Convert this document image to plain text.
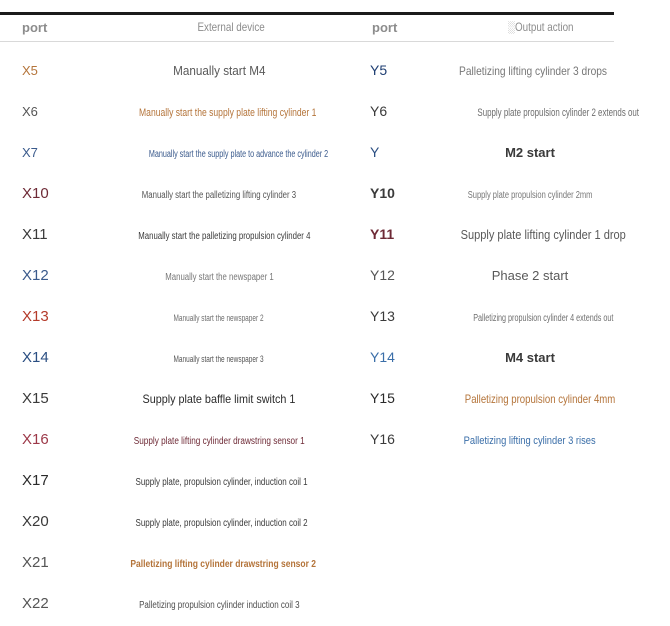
port	External device	port	░Output action
X5	Manually start M4	Y5	Palletizing lifting cylinder 3 drops
X6	Manually start the supply plate lifting cylinder 1	Y6	Supply plate propulsion cylinder 2 extends out
X7	Manually start the supply plate to advance the cylinder 2	Y	M2 start
X10	Manually start the palletizing lifting cylinder 3	Y10	Supply plate propulsion cylinder 2mm
X11	Manually start the palletizing propulsion cylinder 4	Y11	Supply plate lifting cylinder 1 drop
X12	Manually start the newspaper 1	Y12	Phase 2 start
X13	Manually start the newspaper 2	Y13	Palletizing propulsion cylinder 4 extends out
X14	Manually start the newspaper 3	Y14	M4 start
X15	Supply plate baffle limit switch 1	Y15	Palletizing propulsion cylinder 4mm
X16	Supply plate lifting cylinder drawstring sensor 1	Y16	Palletizing lifting cylinder 3 rises
X17	Supply plate, propulsion cylinder, induction coil 1
X20	Supply plate, propulsion cylinder, induction coil 2
X21	Palletizing lifting cylinder drawstring sensor 2
X22	Palletizing propulsion cylinder induction coil 3
